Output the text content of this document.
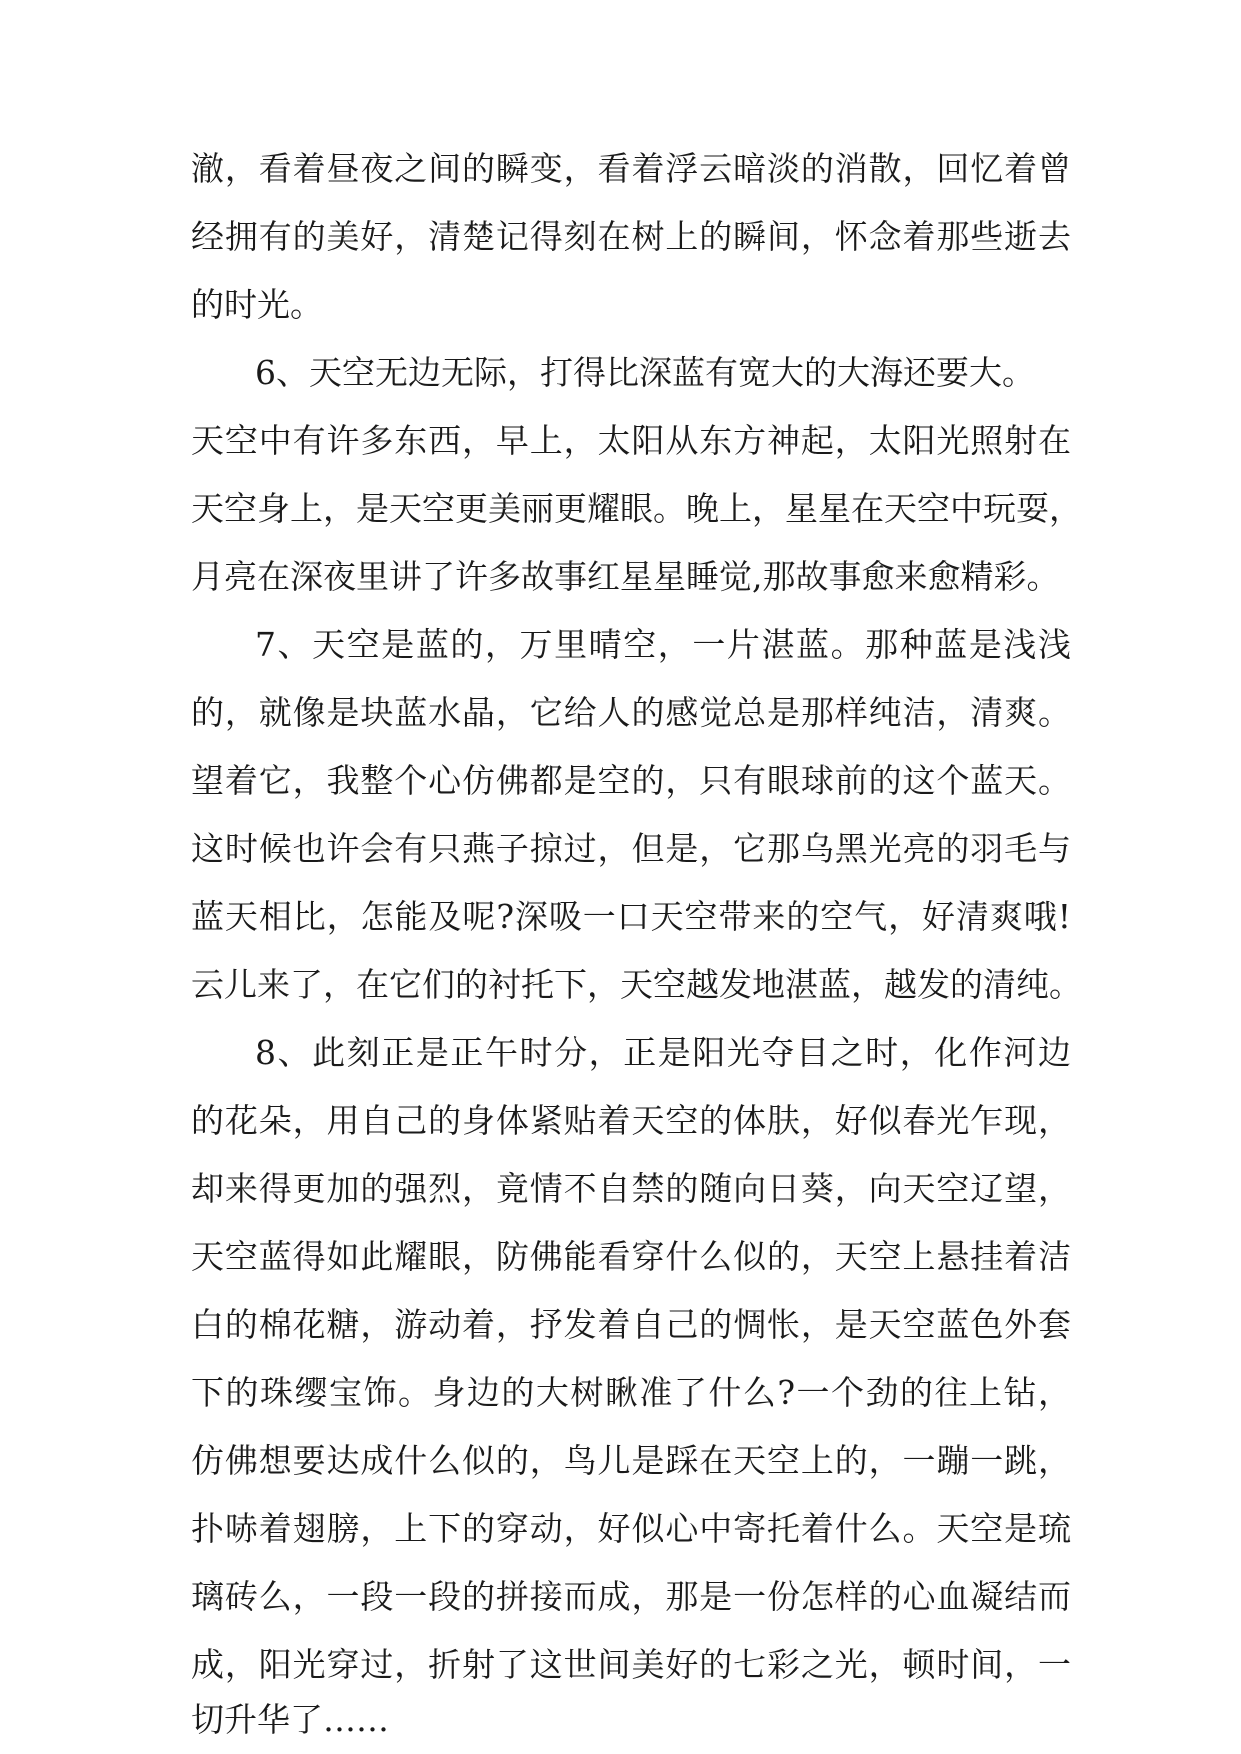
澈，看着昼夜之间的瞬变，看着浮云暗淡的消散，回忆着曾
经拥有的美好，清楚记得刻在树上的瞬间，怀念着那些逝去
的时光。
6、天空无边无际，打得比深蓝有宽大的大海还要大。
天空中有许多东西，早上，太阳从东方神起，太阳光照射在
天空身上，是天空更美丽更耀眼。晚上，星星在天空中玩耍，
月亮在深夜里讲了许多故事红星星睡觉,那故事愈来愈精彩。
7、天空是蓝的，万里晴空，一片湛蓝。那种蓝是浅浅
的，就像是块蓝水晶，它给人的感觉总是那样纯洁，清爽。
望着它，我整个心仿佛都是空的，只有眼球前的这个蓝天。
这时候也许会有只燕子掠过，但是，它那乌黑光亮的羽毛与
蓝天相比，怎能及呢?深吸一口天空带来的空气，好清爽哦!
云儿来了，在它们的衬托下，天空越发地湛蓝，越发的清纯。
8、此刻正是正午时分，正是阳光夺目之时，化作河边
的花朵，用自己的身体紧贴着天空的体肤，好似春光乍现，
却来得更加的强烈，竟情不自禁的随向日葵，向天空辽望，
天空蓝得如此耀眼，防佛能看穿什么似的，天空上悬挂着洁
白的棉花糖，游动着，抒发着自己的惆怅，是天空蓝色外套
下的珠缨宝饰。身边的大树瞅准了什么?一个劲的往上钻，
仿佛想要达成什么似的，鸟儿是踩在天空上的，一蹦一跳，
扑哧着翅膀，上下的穿动，好似心中寄托着什么。天空是琉
璃砖么，一段一段的拼接而成，那是一份怎样的心血凝结而
成，阳光穿过，折射了这世间美好的七彩之光，顿时间，一
切升华了……
